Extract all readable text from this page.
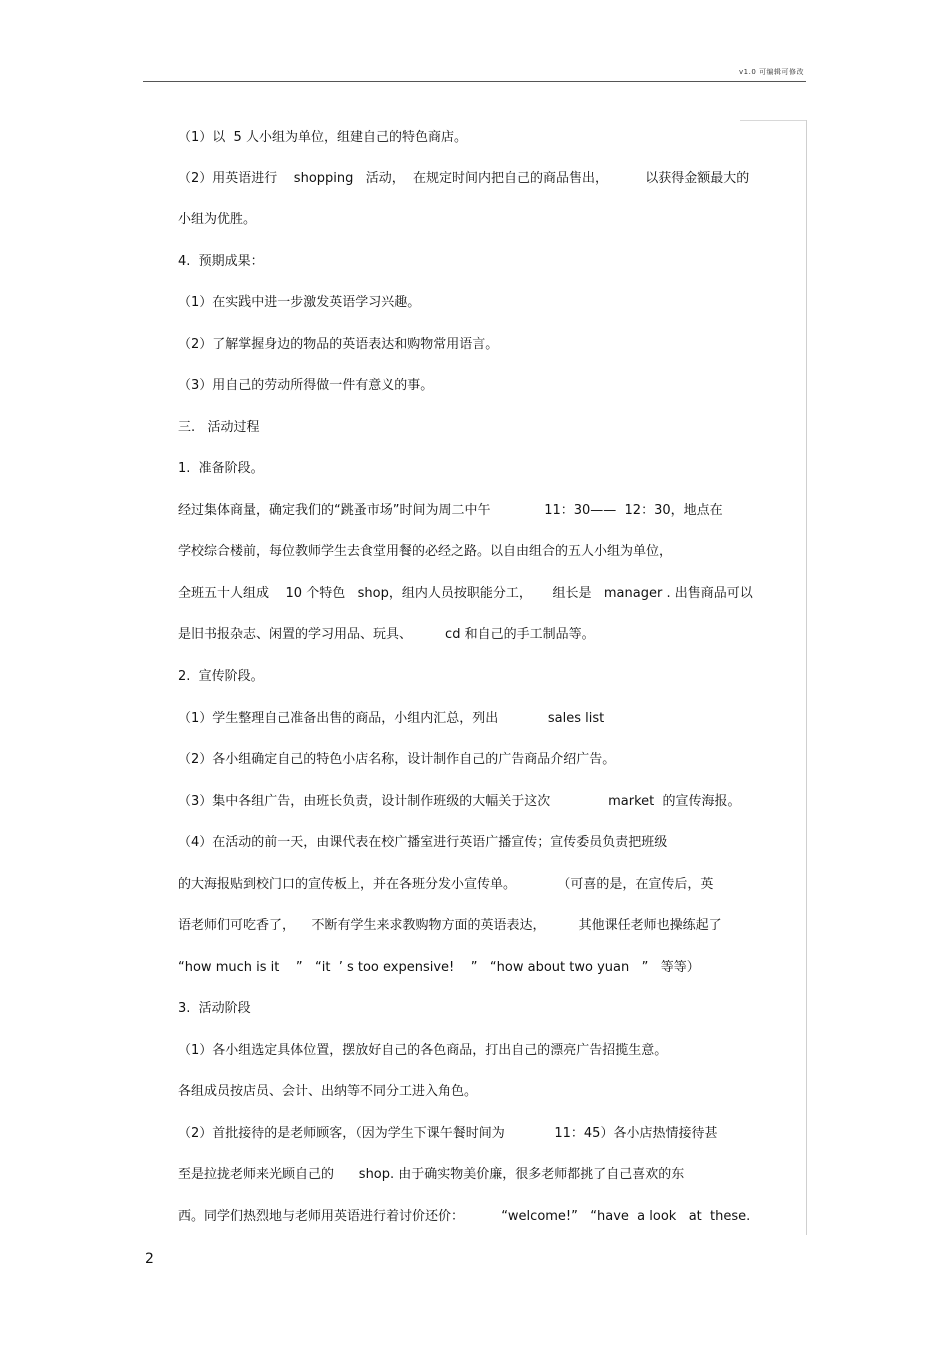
v1.0 可编辑可修改
（1）以  5 人小组为单位，组建自己的特色商店。
（2）用英语进行    shopping   活动，  在规定时间内把自己的商品售出，         以获得金额最大的
小组为优胜。
4.  预期成果：
（1）在实践中进一步激发英语学习兴趣。
（2）了解掌握身边的物品的英语表达和购物常用语言。
（3）用自己的劳动所得做一件有意义的事。
三.   活动过程
1.  准备阶段。
经过集体商量，确定我们的“跳蚤市场”时间为周二中午             11：30——  12：30，地点在
学校综合楼前，每位教师学生去食堂用餐的必经之路。以自由组合的五人小组为单位，
全班五十人组成    10 个特色   shop，组内人员按职能分工，     组长是   manager . 出售商品可以
是旧书报杂志、闲置的学习用品、玩具、        cd 和自己的手工制品等。
2.  宣传阶段。
（1）学生整理自己准备出售的商品，小组内汇总，列出            sales list
（2）各小组确定自己的特色小店名称，设计制作自己的广告商品介绍广告。
（3）集中各组广告，由班长负责，设计制作班级的大幅关于这次              market  的宣传海报。
（4）在活动的前一天，由课代表在校广播室进行英语广播宣传；宣传委员负责把班级
的大海报贴到校门口的宣传板上，并在各班分发小宣传单。          （可喜的是，在宣传后，英
语老师们可吃香了，    不断有学生来求教购物方面的英语表达，        其他课任老师也操练起了
“how much is it    ”   “it  ’ s too expensive!    ”   “how about two yuan   ”   等等）
3.  活动阶段
（1）各小组选定具体位置，摆放好自己的各色商品，打出自己的漂亮广告招揽生意。
各组成员按店员、会计、出纳等不同分工进入角色。
（2）首批接待的是老师顾客，（因为学生下课午餐时间为            11：45）各小店热情接待甚
至是拉拢老师来光顾自己的      shop. 由于确实物美价廉，很多老师都挑了自己喜欢的东
西。同学们热烈地与老师用英语进行着讨价还价：         “welcome!”   “have  a look   at  these.
2
